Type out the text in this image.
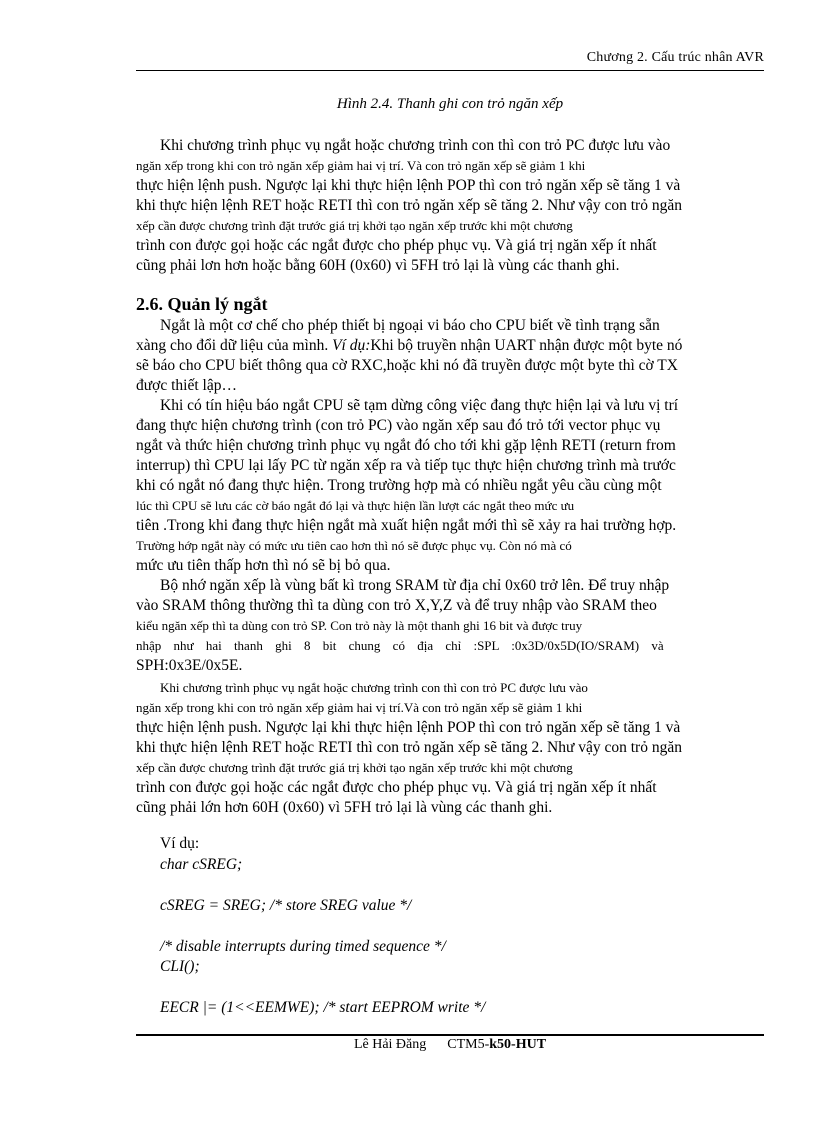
Chương 2. Cấu trúc nhân AVR
Hình 2.4. Thanh ghi con trỏ ngăn xếp
Khi chương trình phục vụ ngắt hoặc chương trình con thì con trỏ PC được lưu vào
ngăn xếp trong khi con trỏ ngăn xếp giảm hai vị trí. Và con trỏ ngăn xếp sẽ giảm 1 khi
thực hiện lệnh push. Ngược lại khi thực hiện lệnh POP thì con trỏ ngăn xếp sẽ tăng 1 và
khi thực hiện lệnh RET hoặc RETI thì con trỏ ngăn xếp sẽ tăng 2. Như vậy con trỏ ngăn
xếp cần được chương trình đặt trước giá trị khởi tạo ngăn xếp trước khi một chương
trình con được gọi hoặc các ngắt được cho phép phục vụ. Và giá trị ngăn xếp ít nhất
cũng phải lơn hơn hoặc bằng 60H (0x60) vì 5FH trỏ lại là vùng các thanh ghi.
2.6. Quản lý ngắt
Ngắt là một cơ chế cho phép thiết bị ngoại vi báo cho CPU biết về tình trạng sẵn
xàng cho đổi dữ liệu của mình. Ví dụ:Khi bộ truyền nhận UART nhận được một byte nó
sẽ báo cho CPU biết thông qua cờ RXC,hoặc khi nó đã truyền được một byte thì cờ TX
được thiết lập…
Khi có tín hiệu báo ngắt CPU sẽ tạm dừng công việc đang thực hiện lại và lưu vị trí
đang thực hiện chương trình (con trỏ PC) vào ngăn xếp sau đó trỏ tới vector phục vụ
ngắt và thức hiện chương trình phục vụ ngắt đó cho tới khi gặp lệnh RETI (return from
interrup) thì CPU lại lấy PC từ ngăn xếp ra và tiếp tục thực hiện chương trình mà trước
khi có ngắt nó đang thực hiện. Trong trường hợp mà có nhiều ngắt yêu cầu cùng một
lúc thì CPU sẽ lưu các cờ báo ngắt đó lại và thực hiện lần lượt các ngắt theo mức ưu
tiên .Trong khi đang thực hiện ngắt mà xuất hiện ngắt mới thì sẽ xảy ra hai trường hợp.
Trường hớp ngắt này có mức ưu tiên cao hơn thì nó sẽ được phục vụ. Còn nó mà có
mức ưu tiên thấp hơn thì nó sẽ bị bỏ qua.
Bộ nhớ ngăn xếp là vùng bất kì trong SRAM từ địa chỉ 0x60 trở lên. Để truy nhập
vào SRAM thông thường thì ta dùng con trỏ X,Y,Z và để truy nhập vào SRAM theo
kiểu ngăn xếp thì ta dùng con trỏ SP. Con trỏ này là một thanh ghi 16 bit và được truy
nhập như hai thanh ghi 8 bit chung có địa chỉ :SPL :0x3D/0x5D(IO/SRAM) và
SPH:0x3E/0x5E.
Khi chương trình phục vụ ngắt hoặc chương trình con thì con trỏ PC được lưu vào
ngăn xếp trong khi con trỏ ngăn xếp giảm hai vị trí.Và con trỏ ngăn xếp sẽ giảm 1 khi
thực hiện lệnh push. Ngược lại khi thực hiện lệnh POP thì con trỏ ngăn xếp sẽ tăng 1 và
khi thực hiện lệnh RET hoặc RETI thì con trỏ ngăn xếp sẽ tăng 2. Như vậy con trỏ ngăn
xếp cần được chương trình đặt trước giá trị khởi tạo ngăn xếp trước khi một chương
trình con được gọi hoặc các ngắt được cho phép phục vụ. Và giá trị ngăn xếp ít nhất
cũng phải lớn hơn 60H (0x60) vì 5FH trỏ lại là vùng các thanh ghi.
Ví dụ:
char cSREG;
cSREG = SREG; /* store SREG value */
/* disable interrupts during timed sequence */
CLI();
EECR |= (1<<EEMWE); /* start EEPROM write */
Lê Hải Đăng CTM5-k50-HUT
